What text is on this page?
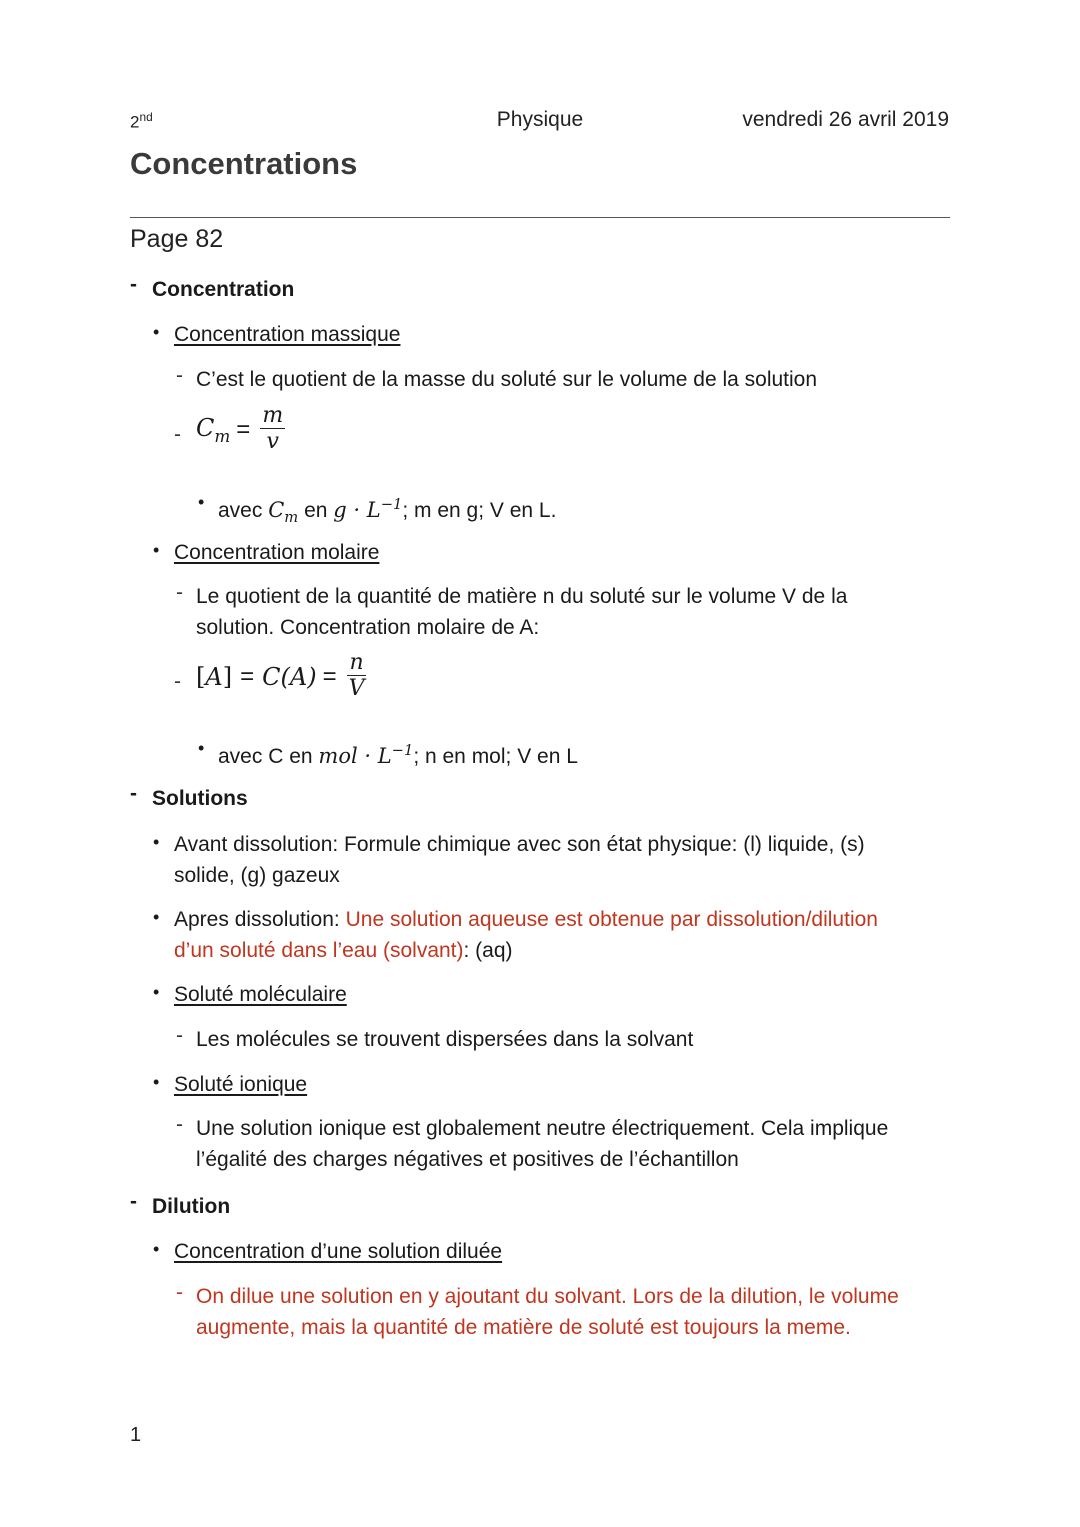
2nd	Physique	vendredi 26 avril 2019
Concentrations
Page 82
- Concentration
• Concentration massique
- C’est le quotient de la masse du soluté sur le volume de la solution
- $C_m = \frac{m}{v}$
• avec $C_m$ en $g \cdot L^{-1}$; m en g; V en L.
• Concentration molaire
- Le quotient de la quantité de matière n du soluté sur le volume V de la
solution. Concentration molaire de A:
- $[A] = C(A) = \frac{n}{V}$
• avec C en mol · $L^{-1}$; n en mol; V en L
- Solutions
• Avant dissolution: Formule chimique avec son état physique: (l) liquide, (s)
solide, (g) gazeux
• Apres dissolution: Une solution aqueuse est obtenue par dissolution/dilution
d’un soluté dans l’eau (solvant): (aq)
• Soluté moléculaire
- Les molécules se trouvent dispersées dans la solvant
• Soluté ionique
- Une solution ionique est globalement neutre électriquement. Cela implique
l’égalité des charges négatives et positives de l’échantillon
- Dilution
• Concentration d’une solution diluée
- On dilue une solution en y ajoutant du solvant. Lors de la dilution, le volume
augmente, mais la quantité de matière de soluté est toujours la meme.
1
